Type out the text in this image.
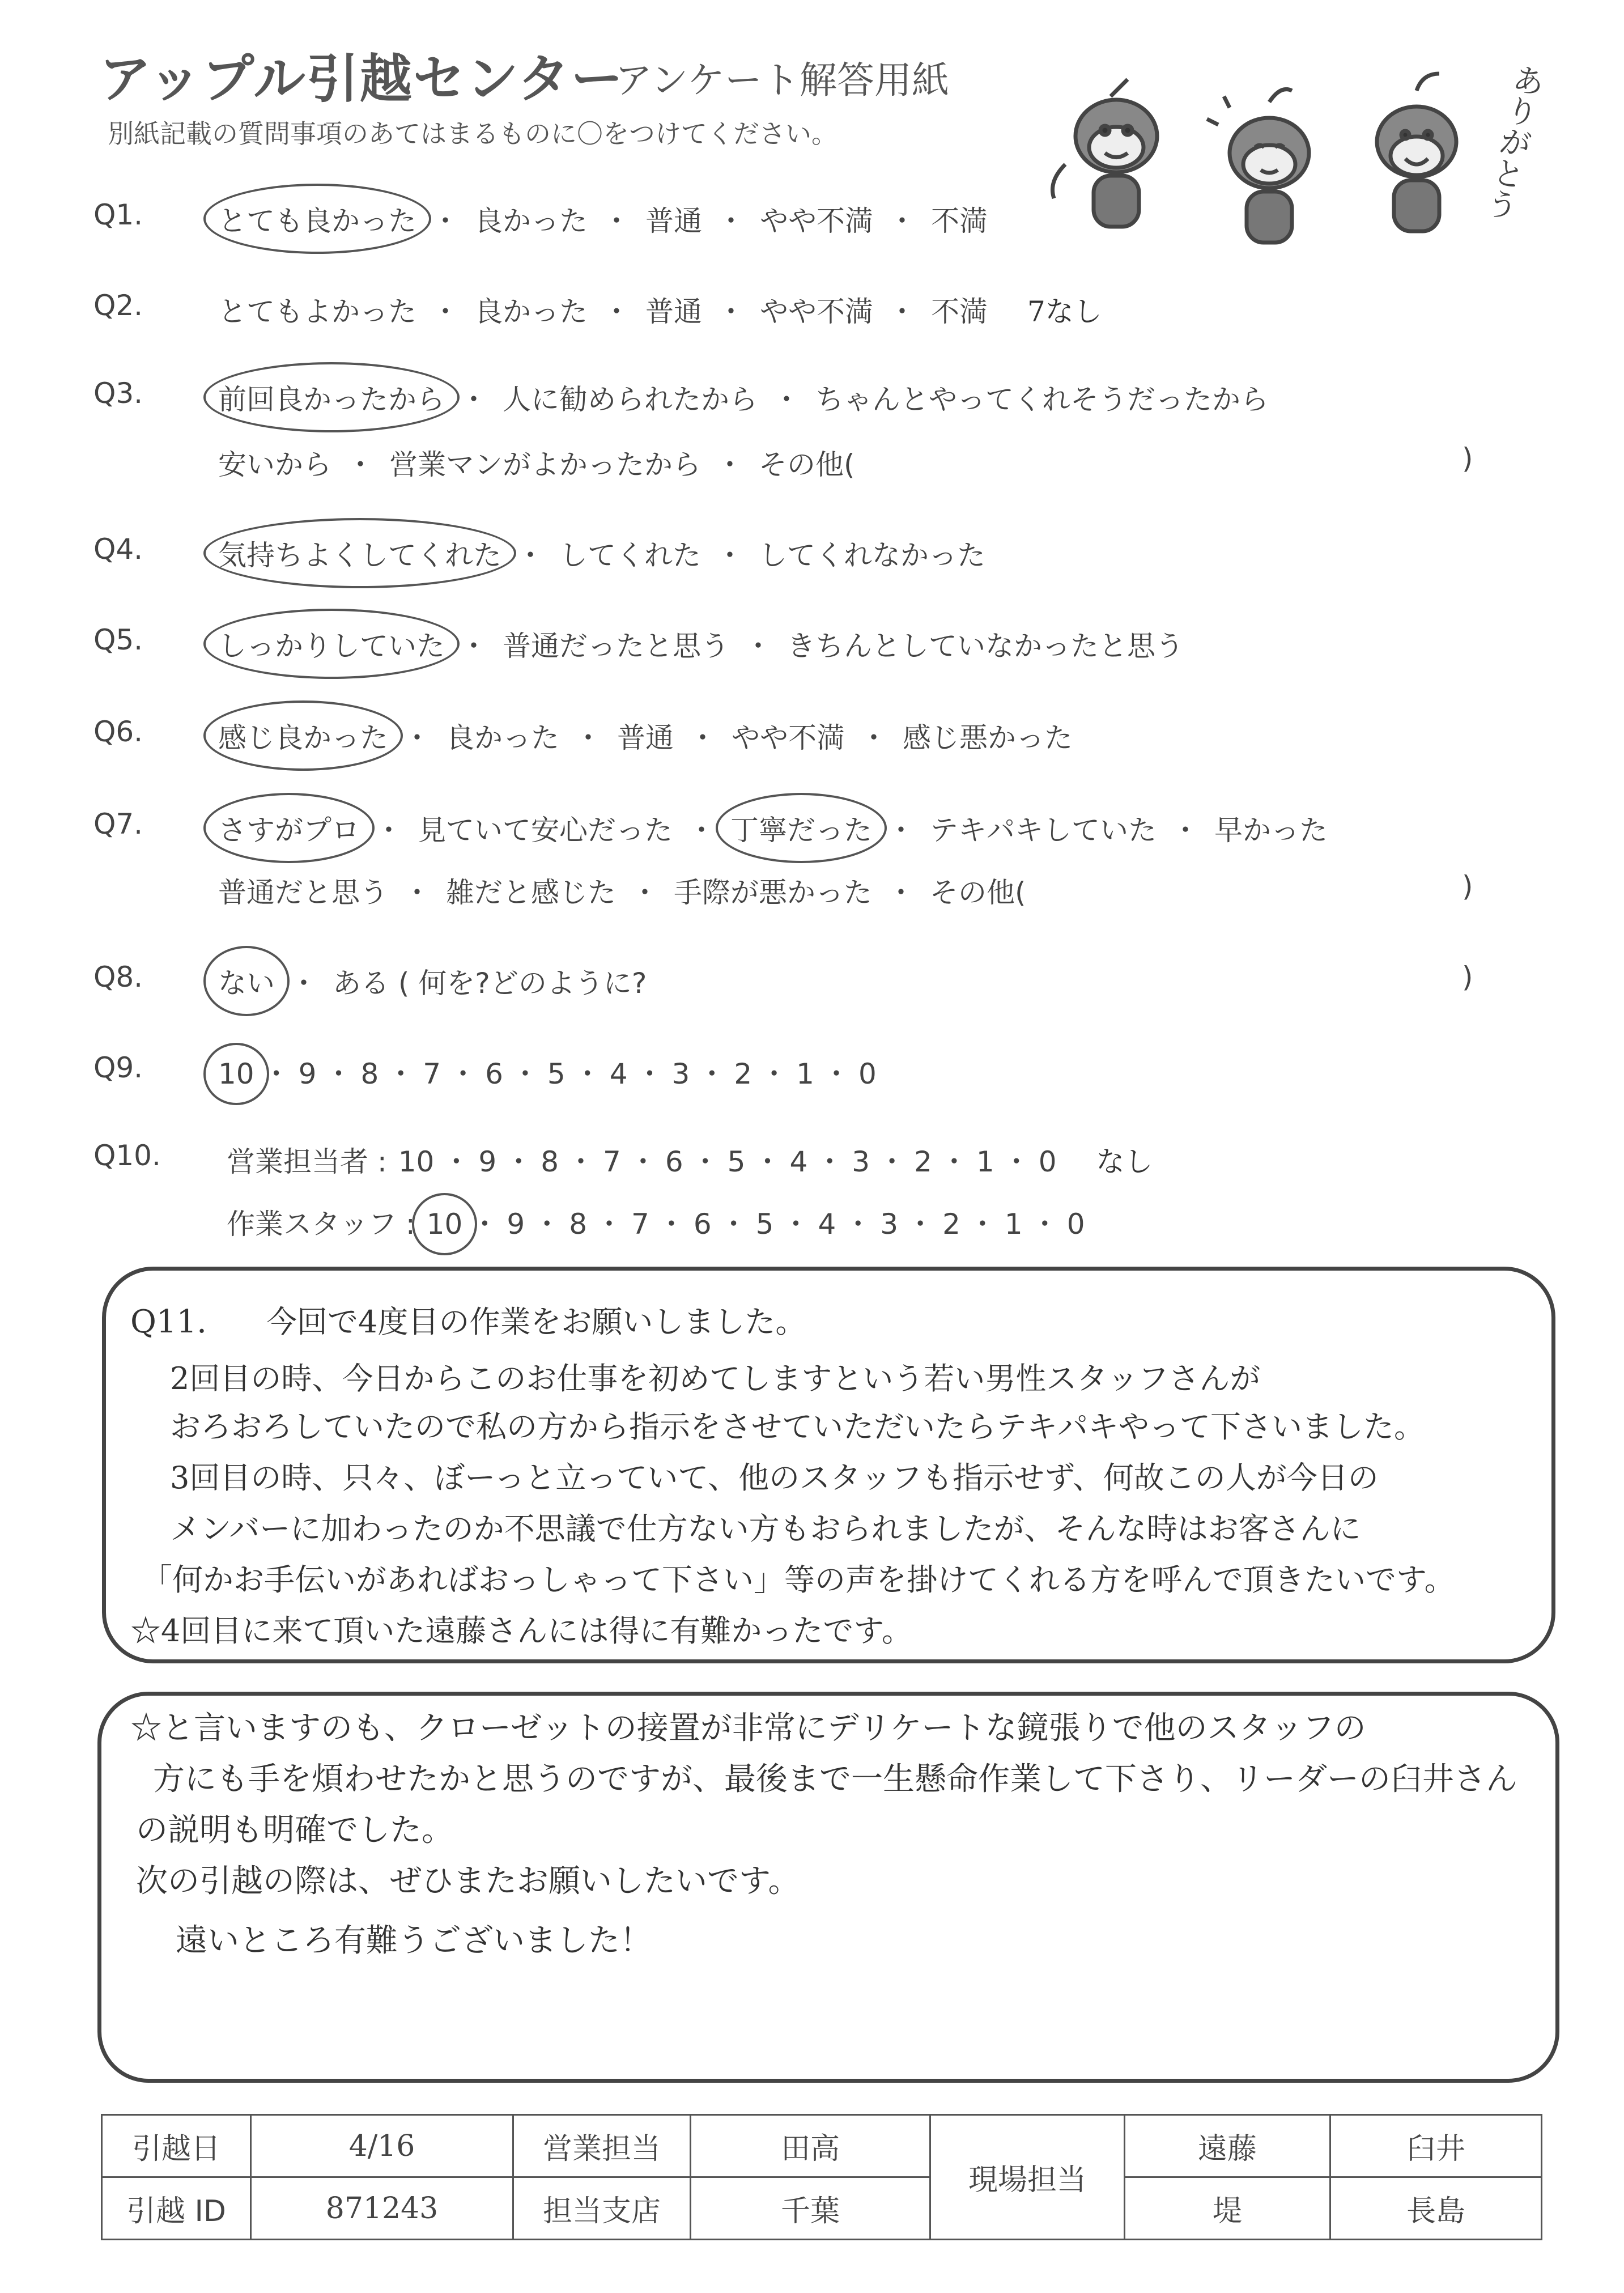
アップル引越センター
アンケート解答用紙
別紙記載の質問事項のあてはまるものに〇をつけてください。	ありがとう
Q1.	とても良かった ・ 良かった ・ 普通 ・ やや不満 ・ 不満
Q2.	とてもよかった ・ 良かった ・ 普通 ・ やや不満 ・ 不満 7なし
Q3.	前回良かったから ・ 人に勧められたから ・ ちゃんとやってくれそうだったから
安いから ・ 営業マンがよかったから ・ その他(	)
Q4.	気持ちよくしてくれた ・ してくれた ・ してくれなかった
Q5.	しっかりしていた ・ 普通だったと思う ・ きちんとしていなかったと思う
Q6.	感じ良かった ・ 良かった ・ 普通 ・ やや不満 ・ 感じ悪かった
Q7.	さすがプロ ・ 見ていて安心だった ・ 丁寧だった ・ テキパキしていた ・ 早かった
普通だと思う ・ 雑だと感じた ・ 手際が悪かった ・ その他(	)
Q8.	ない ・ ある ( 何を?どのように?	)
Q9.	10 ・ 9 ・ 8 ・ 7 ・ 6 ・ 5 ・ 4 ・ 3 ・ 2 ・ 1 ・ 0
Q10.	営業担当者 : 10 ・ 9 ・ 8 ・ 7 ・ 6 ・ 5 ・ 4 ・ 3 ・ 2 ・ 1 ・ 0 なし
作業スタッフ : 10 ・ 9 ・ 8 ・ 7 ・ 6 ・ 5 ・ 4 ・ 3 ・ 2 ・ 1 ・ 0
Q11. 今回で4度目の作業をお願いしました。
2回目の時、今日からこのお仕事を初めてしますという若い男性スタッフさんが
おろおろしていたので私の方から指示をさせていただいたらテキパキやって下さいました。
3回目の時、只々、ぼーっと立っていて、他のスタッフも指示せず、何故この人が今日の
メンバーに加わったのか不思議で仕方ない方もおられましたが、そんな時はお客さんに
「何かお手伝いがあればおっしゃって下さい」等の声を掛けてくれる方を呼んで頂きたいです。
☆4回目に来て頂いた遠藤さんには得に有難かったです。
☆と言いますのも、クローゼットの接置が非常にデリケートな鏡張りで他のスタッフの
方にも手を煩わせたかと思うのですが、最後まで一生懸命作業して下さり、リーダーの臼井さん
の説明も明確でした。
次の引越の際は、ぜひまたお願いしたいです。
遠いところ有難うございました！
引越日	4/16	営業担当	田高	現場担当	遠藤	臼井
引越 ID	871243	担当支店	千葉		堤	長島
